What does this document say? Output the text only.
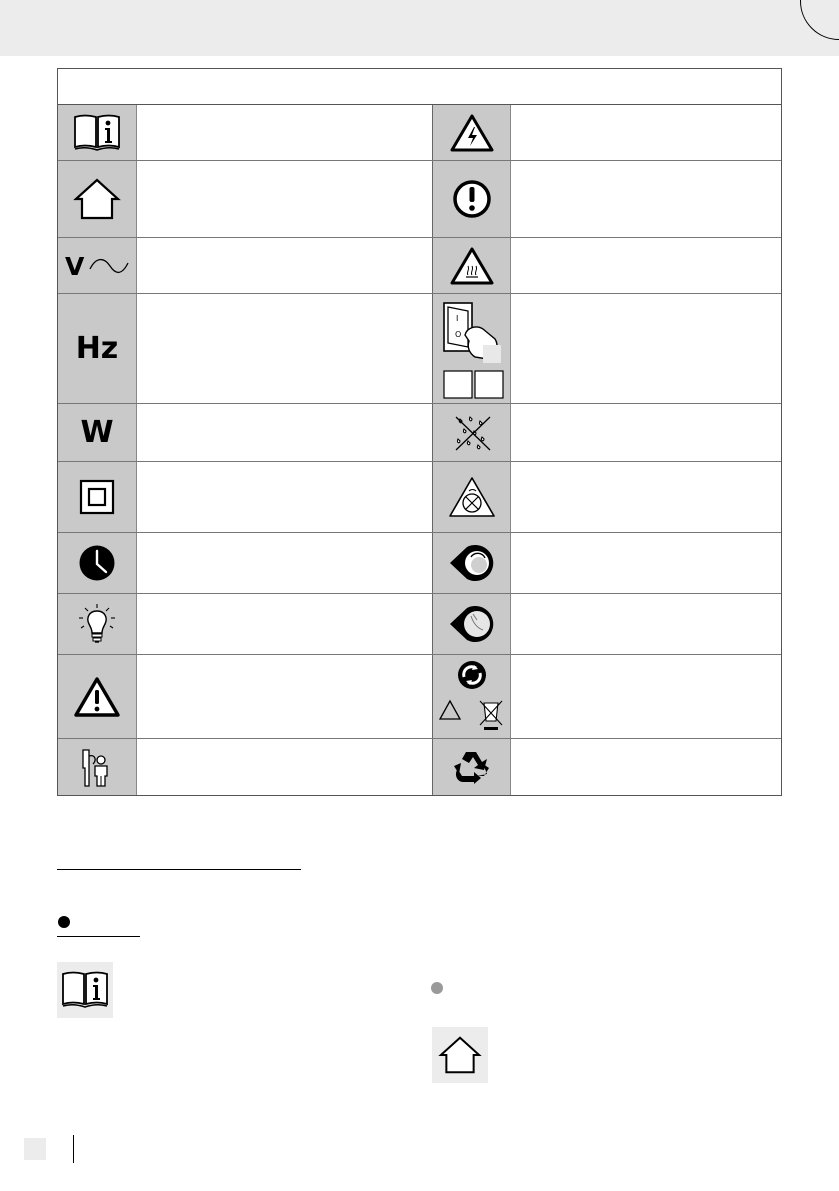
V
Hz
I
O
W
